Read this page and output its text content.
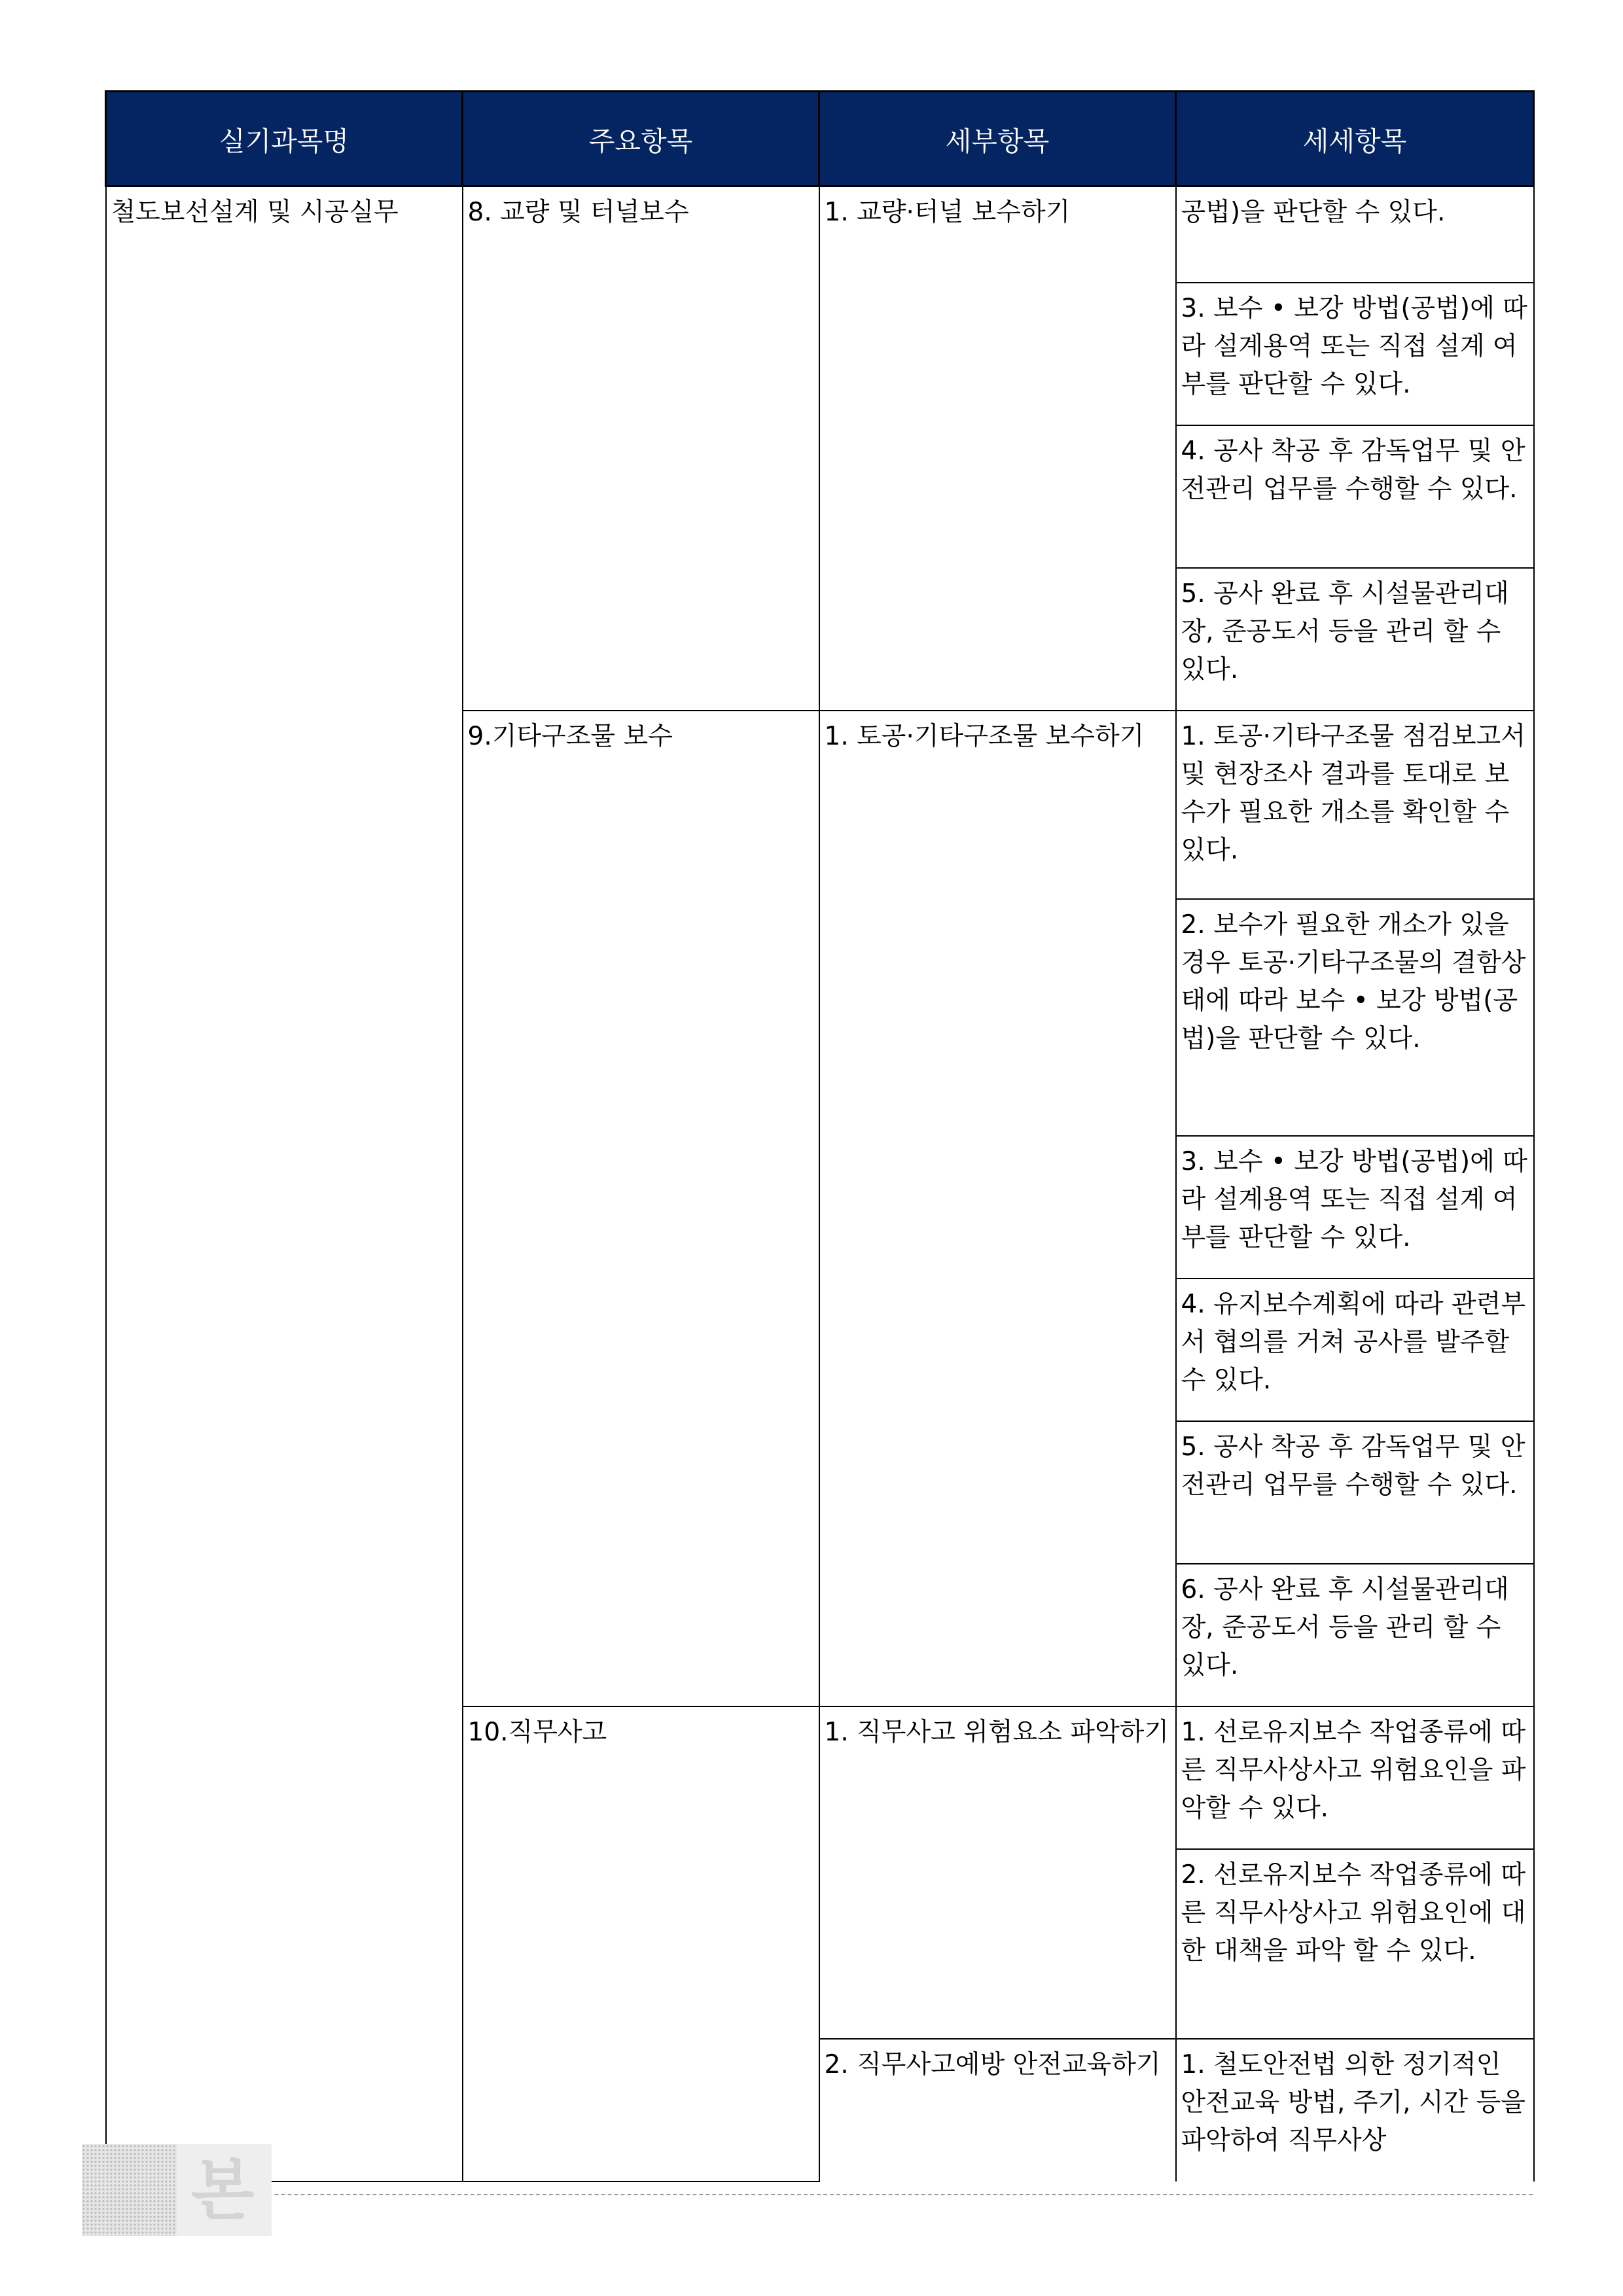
실기과목명	주요항목	세부항목	세세항목
철도보선설계 및 시공실무	8. 교량 및 터널보수	1. 교량·터널 보수하기	공법)을 판단할 수 있다.
			3. 보수 • 보강 방법(공법)에 따라 설계용역 또는 직접 설계 여부를 판단할 수 있다.
			4. 공사 착공 후 감독업무 및 안전관리 업무를 수행할 수 있다.
			5. 공사 완료 후 시설물관리대장, 준공도서 등을 관리 할 수 있다.
	9.기타구조물 보수	1. 토공·기타구조물 보수하기	1. 토공·기타구조물 점검보고서 및 현장조사 결과를 토대로 보수가 필요한 개소를 확인할 수 있다.
			2. 보수가 필요한 개소가 있을 경우 토공·기타구조물의 결함상태에 따라 보수 • 보강 방법(공법)을 판단할 수 있다.
			3. 보수 • 보강 방법(공법)에 따라 설계용역 또는 직접 설계 여부를 판단할 수 있다.
			4. 유지보수계획에 따라 관련부서 협의를 거쳐 공사를 발주할 수 있다.
			5. 공사 착공 후 감독업무 및 안전관리 업무를 수행할 수 있다.
			6. 공사 완료 후 시설물관리대장, 준공도서 등을 관리 할 수 있다.
	10.직무사고	1. 직무사고 위험요소 파악하기	1. 선로유지보수 작업종류에 따른 직무사상사고 위험요인을 파악할 수 있다.
			2. 선로유지보수 작업종류에 따른 직무사상사고 위험요인에 대한 대책을 파악 할 수 있다.
		2. 직무사고예방 안전교육하기	1. 철도안전법 의한 정기적인 안전교육 방법, 주기, 시간 등을 파악하여 직무사상

본
